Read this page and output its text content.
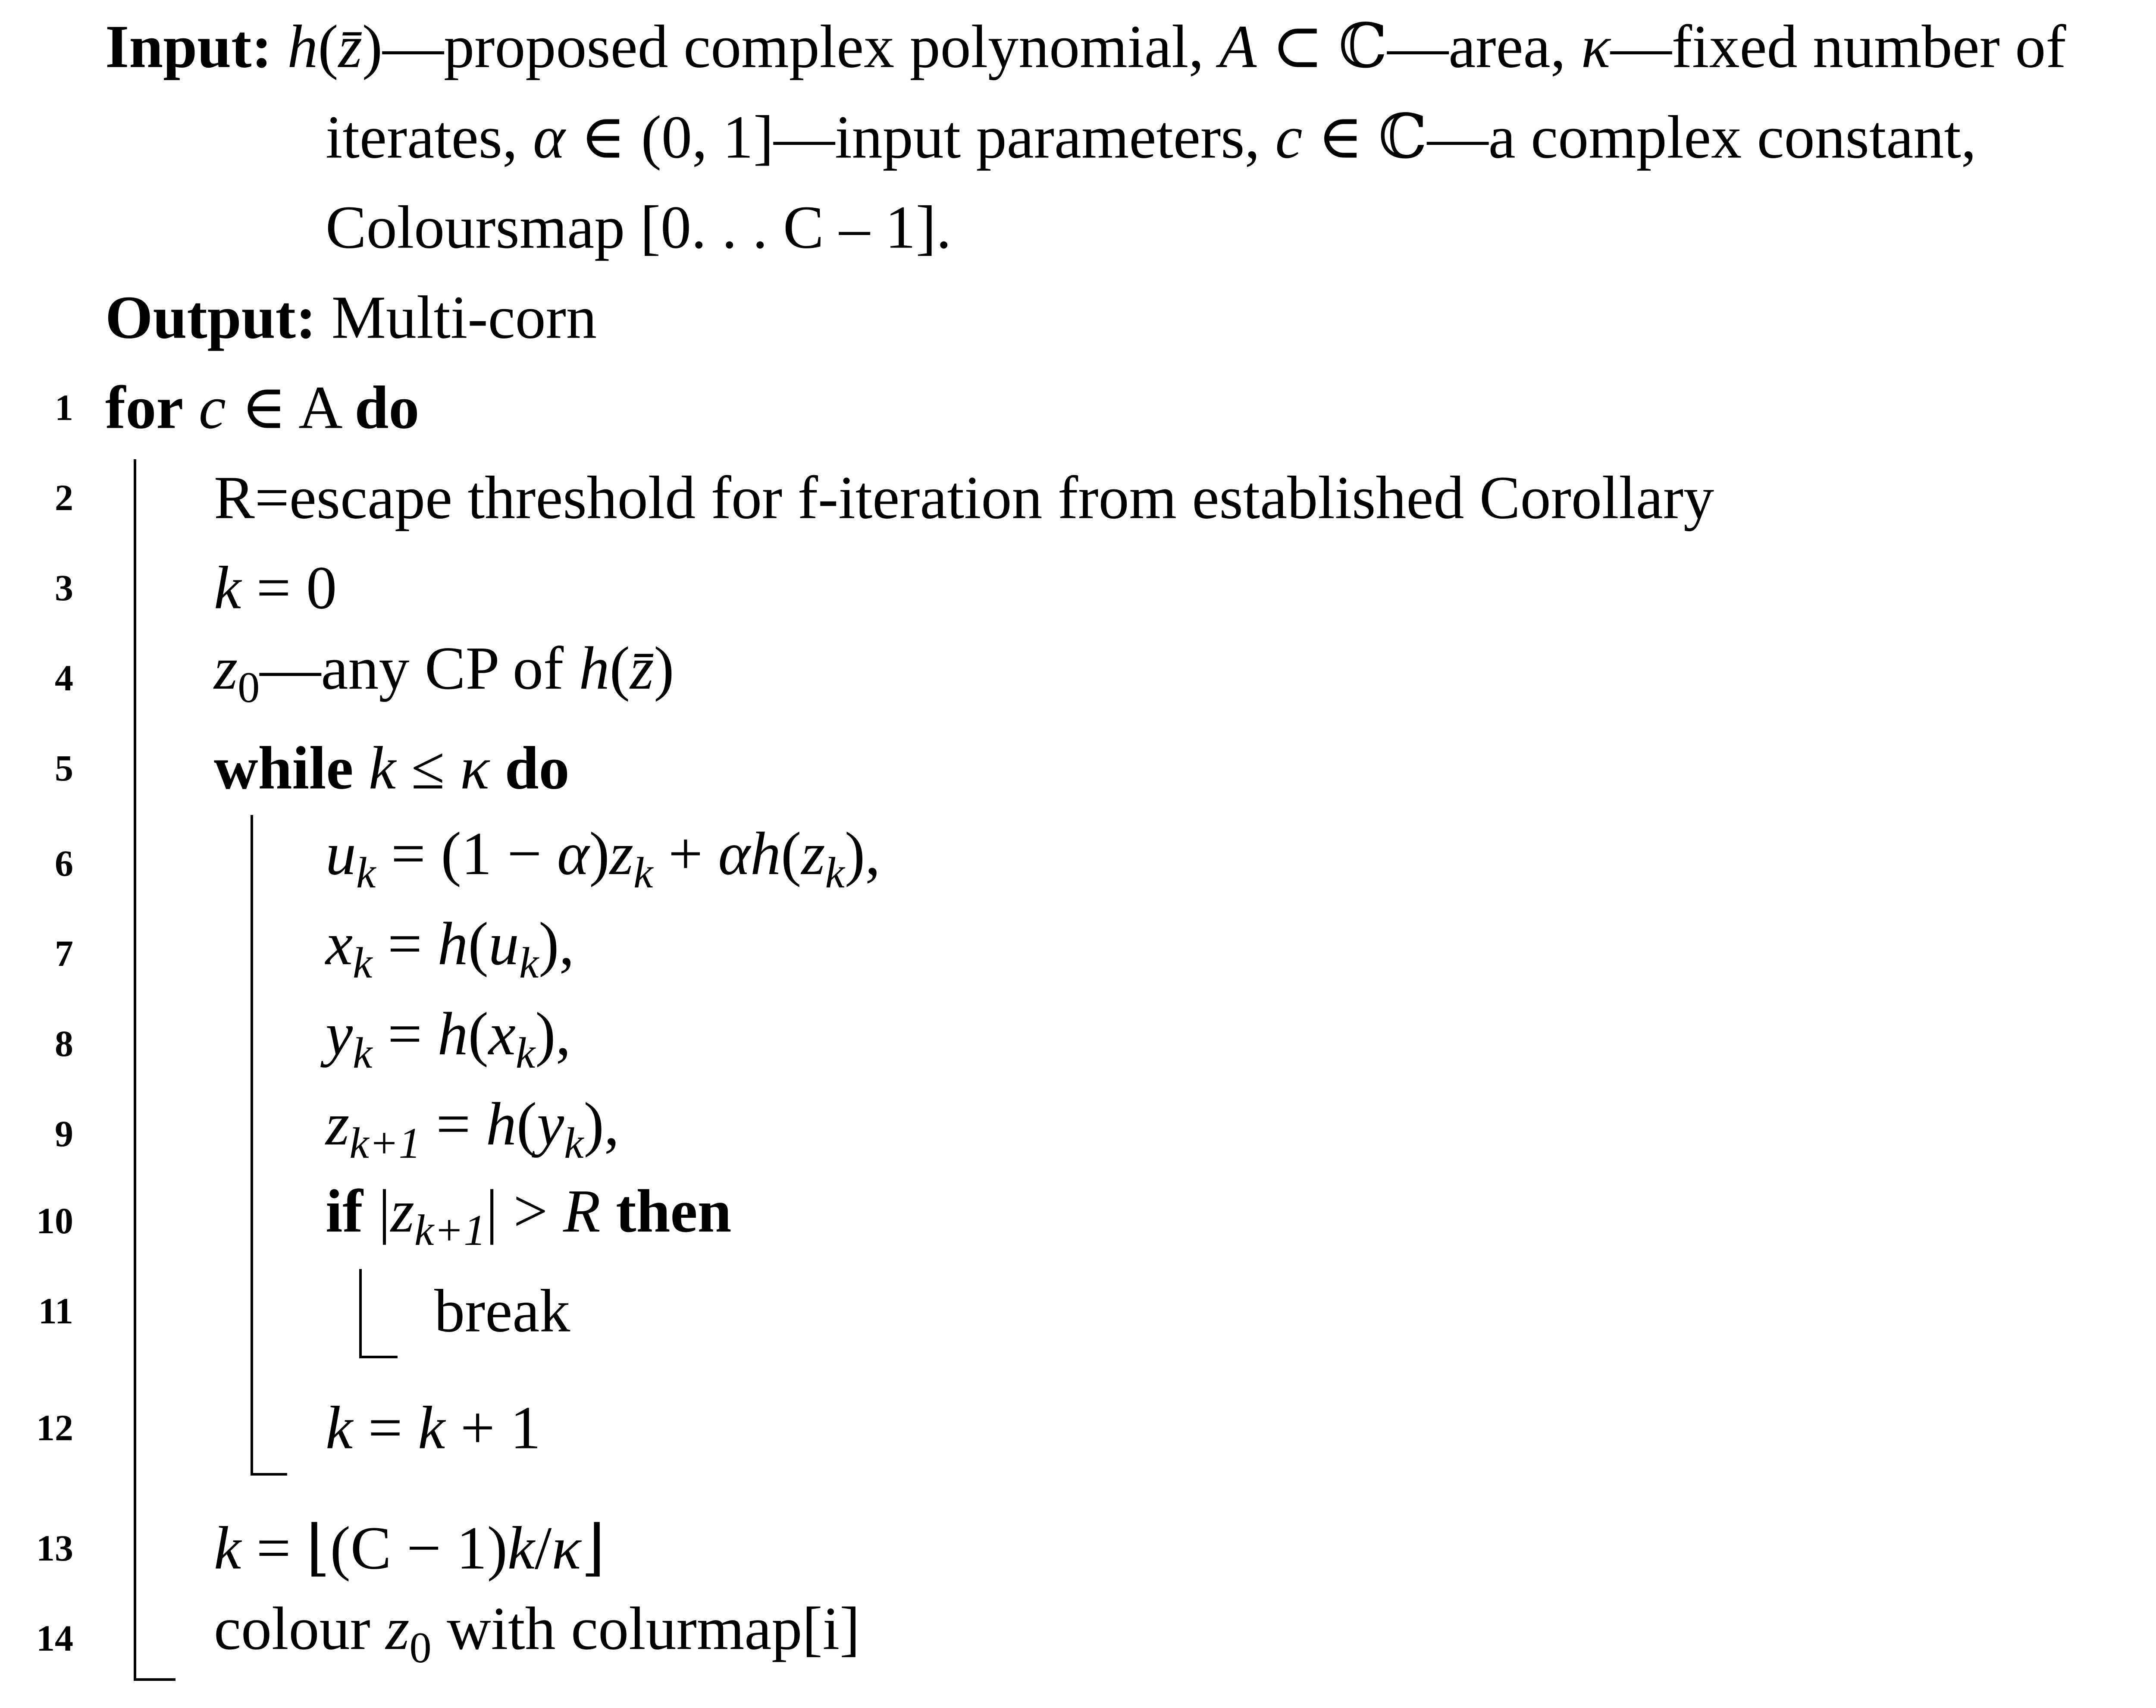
Input: h(z̄)—proposed complex polynomial, A ⊂ ℂ—area, κ—fixed number of
iterates, α ∈ (0, 1]—input parameters, c ∈ ℂ—a complex constant,
Coloursmap [0. . . C – 1].
Output: Multi-corn
1 for c ∈ A do
2 R=escape threshold for f-iteration from established Corollary
3 k = 0
4 $z_0—any$ CP of h(z̄)
5 while k ≤ κ do
6	$u_k = (1 - \alpha)z_k + \alpha h(z_k)$,
7	$x_k = h(u_k)$,
8	$y_k = h(x_k)$,
9	$z_{k+1} = h(y_k)$,
10	if $|z_{k+1}| > R$ then
11	break
12	k = k + 1
13 k = ⌊(C − 1)k/κ⌋
14 colour $z_0$ with colurmap[i]
